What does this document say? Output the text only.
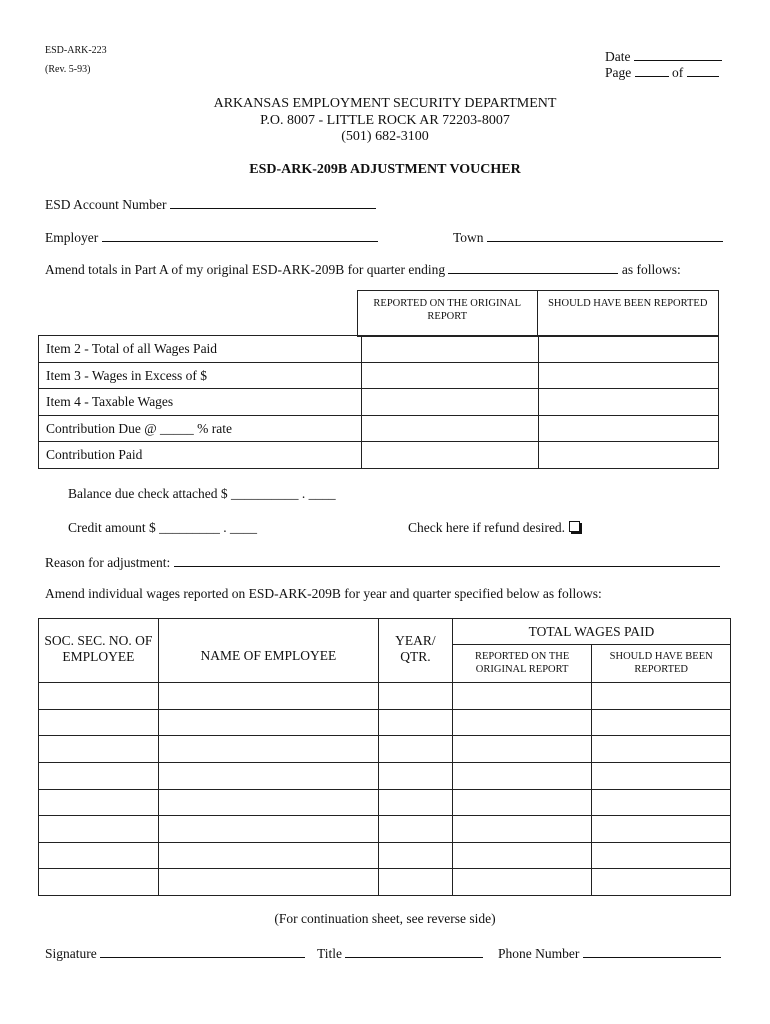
ESD-ARK-223
(Rev. 5-93)
Date
Page	of
ARKANSAS EMPLOYMENT SECURITY DEPARTMENT
P.O. 8007 - LITTLE ROCK AR 72203-8007
(501) 682-3100
ESD-ARK-209B ADJUSTMENT VOUCHER
ESD Account Number
Employer	Town
Amend totals in Part A of my original ESD-ARK-209B for quarter ending	as follows:
REPORTED ON THE ORIGINAL REPORT	SHOULD HAVE BEEN REPORTED
Item 2 - Total of all Wages Paid		
Item 3 - Wages in Excess of $		
Item 4 - Taxable Wages		
Contribution Due @ _____ % rate		
Contribution Paid		
Balance due check attached $ __________ . ____
Credit amount $ _________ . ____	Check here if refund desired.
Reason for adjustment:
Amend individual wages reported on ESD-ARK-209B for year and quarter specified below as follows:
SOC. SEC. NO. OF EMPLOYEE	NAME OF EMPLOYEE	YEAR/ QTR.	TOTAL WAGES PAID	
			REPORTED ON THE ORIGINAL REPORT	SHOULD HAVE BEEN REPORTED

(For continuation sheet, see reverse side)
Signature	Title	Phone Number
